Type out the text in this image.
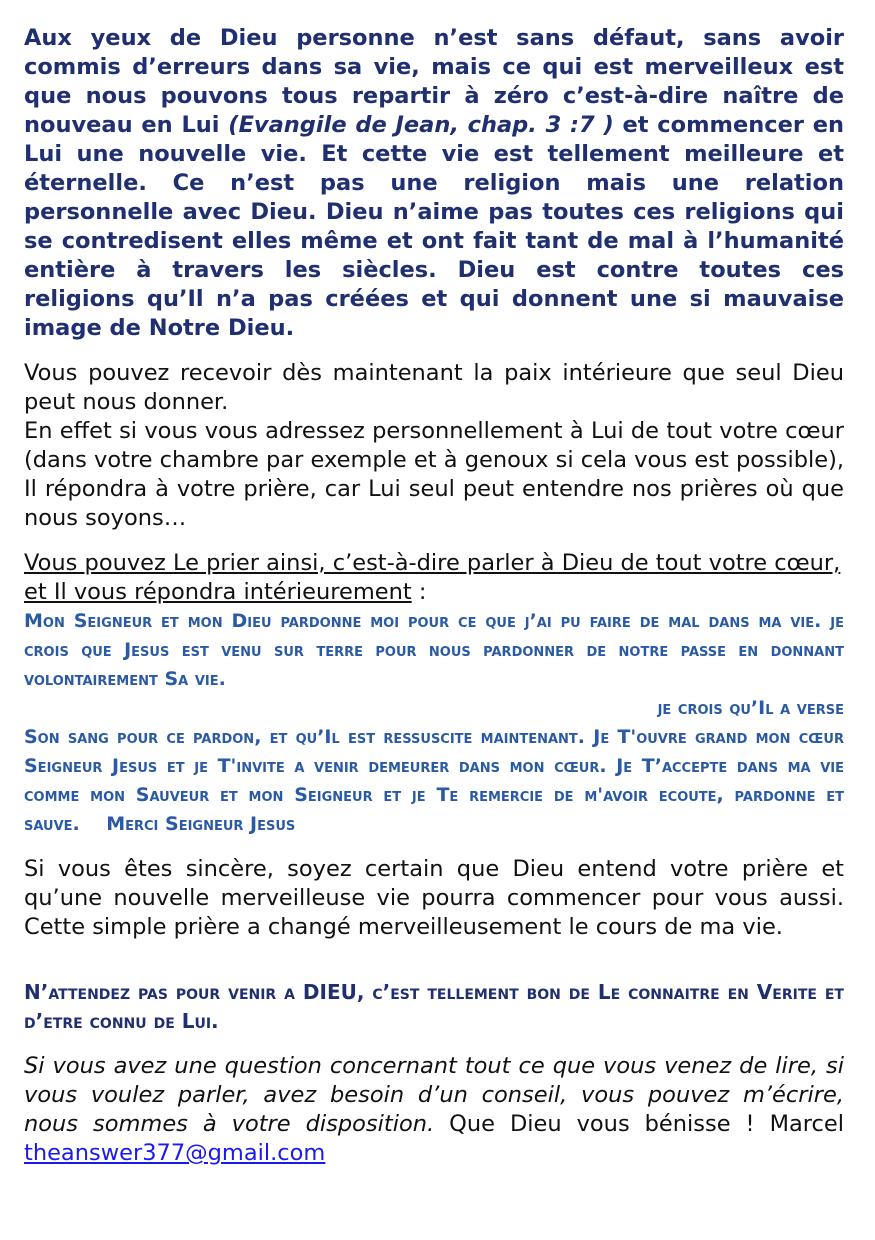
Aux yeux de Dieu personne n’est sans défaut, sans avoir commis d’erreurs dans sa vie, mais ce qui est merveilleux est que nous pouvons tous repartir à zéro c’est-à-dire naître de nouveau en Lui (Evangile de Jean, chap. 3 :7 ) et commencer en Lui une nouvelle vie. Et cette vie est tellement meilleure et éternelle. Ce n’est pas une religion mais une relation personnelle avec Dieu. Dieu n’aime pas toutes ces religions qui se contredisent elles même et ont fait tant de mal à l’humanité entière à travers les siècles. Dieu est contre toutes ces religions qu’Il n’a pas créées et qui donnent une si mauvaise image de Notre Dieu.

Vous pouvez recevoir dès maintenant la paix intérieure que seul Dieu peut nous donner.

En effet si vous vous adressez personnellement à Lui de tout votre cœur (dans votre chambre par exemple et à genoux si cela vous est possible), Il répondra à votre prière, car Lui seul peut entendre nos prières où que nous soyons…

Vous pouvez Le prier ainsi, c’est-à-dire parler à Dieu de tout votre cœur, et Il vous répondra intérieurement :

Mon Seigneur et mon Dieu pardonne moi pour ce que j’ai pu faire de mal dans ma vie. je crois que Jesus est venu sur terre pour nous pardonner de notre passe en donnant volontairement Sa vie.

je crois qu’Il a verse

Son sang pour ce pardon, et qu’Il est ressuscite maintenant. Je T'ouvre grand mon cœur Seigneur Jesus et je T'invite a venir demeurer dans mon cœur. Je T’accepte dans ma vie comme mon Sauveur et mon Seigneur et je Te remercie de m'avoir ecoute, pardonne et sauve. Merci Seigneur Jesus

Si vous êtes sincère, soyez certain que Dieu entend votre prière et qu’une nouvelle merveilleuse vie pourra commencer pour vous aussi. Cette simple prière a changé merveilleusement le cours de ma vie.

N’attendez pas pour venir a DIEU, c’est tellement bon de Le connaitre en Verite et d’etre connu de Lui.

Si vous avez une question concernant tout ce que vous venez de lire, si vous voulez parler, avez besoin d’un conseil, vous pouvez m’écrire, nous sommes à votre disposition. Que Dieu vous bénisse ! Marcel theanswer377@gmail.com
